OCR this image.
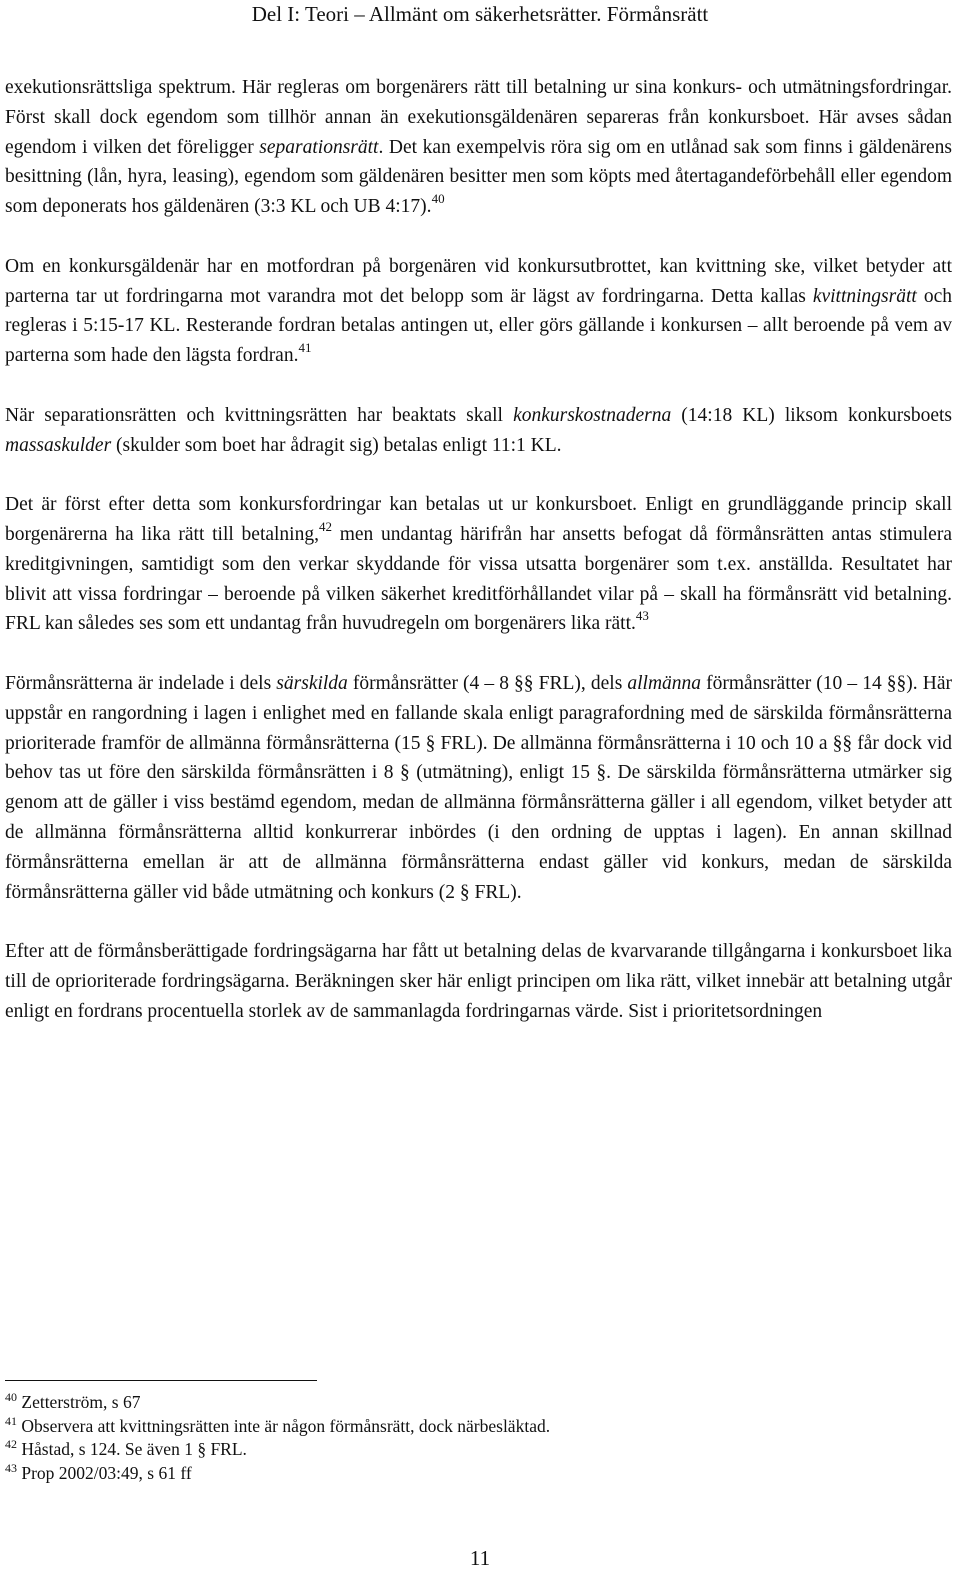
Del I: Teori – Allmänt om säkerhetsrätter. Förmånsrätt

exekutionsrättsliga spektrum. Här regleras om borgenärers rätt till betalning ur sina konkurs- och utmätningsfordringar. Först skall dock egendom som tillhör annan än exekutionsgäldenären separeras från konkursboet. Här avses sådan egendom i vilken det föreligger separationsrätt. Det kan exempelvis röra sig om en utlånad sak som finns i gäldenärens besittning (lån, hyra, leasing), egendom som gäldenären besitter men som köpts med återtagandeförbehåll eller egendom som deponerats hos gäldenären (3:3 KL och UB 4:17).$^{40}$

Om en konkursgäldenär har en motfordran på borgenären vid konkursutbrottet, kan kvittning ske, vilket betyder att parterna tar ut fordringarna mot varandra mot det belopp som är lägst av fordringarna. Detta kallas kvittningsrätt och regleras i 5:15-17 KL. Resterande fordran betalas antingen ut, eller görs gällande i konkursen – allt beroende på vem av parterna som hade den lägsta fordran.$^{41}$

När separationsrätten och kvittningsrätten har beaktats skall konkurskostnaderna (14:18 KL) liksom konkursboets massaskulder (skulder som boet har ådragit sig) betalas enligt 11:1 KL.

Det är först efter detta som konkursfordringar kan betalas ut ur konkursboet. Enligt en grundläggande princip skall borgenärerna ha lika rätt till betalning,$^{42}$ men undantag härifrån har ansetts befogat då förmånsrätten antas stimulera kreditgivningen, samtidigt som den verkar skyddande för vissa utsatta borgenärer som t.ex. anställda. Resultatet har blivit att vissa fordringar – beroende på vilken säkerhet kreditförhållandet vilar på – skall ha förmånsrätt vid betalning. FRL kan således ses som ett undantag från huvudregeln om borgenärers lika rätt.$^{43}$

Förmånsrätterna är indelade i dels särskilda förmånsrätter (4 – 8 §§ FRL), dels allmänna förmånsrätter (10 – 14 §§). Här uppstår en rangordning i lagen i enlighet med en fallande skala enligt paragrafordning med de särskilda förmånsrätterna prioriterade framför de allmänna förmånsrätterna (15 § FRL). De allmänna förmånsrätterna i 10 och 10 a §§ får dock vid behov tas ut före den särskilda förmånsrätten i 8 § (utmätning), enligt 15 §. De särskilda förmånsrätterna utmärker sig genom att de gäller i viss bestämd egendom, medan de allmänna förmånsrätterna gäller i all egendom, vilket betyder att de allmänna förmånsrätterna alltid konkurrerar inbördes (i den ordning de upptas i lagen). En annan skillnad förmånsrätterna emellan är att de allmänna förmånsrätterna endast gäller vid konkurs, medan de särskilda förmånsrätterna gäller vid både utmätning och konkurs (2 § FRL).

Efter att de förmånsberättigade fordringsägarna har fått ut betalning delas de kvarvarande tillgångarna i konkursboet lika till de oprioriterade fordringsägarna. Beräkningen sker här enligt principen om lika rätt, vilket innebär att betalning utgår enligt en fordrans procentuella storlek av de sammanlagda fordringarnas värde. Sist i prioritetsordningen

$^{40}$ Zetterström, s 67

$^{41}$ Observera att kvittningsrätten inte är någon förmånsrätt, dock närbesläktad.

$^{42}$ Håstad, s 124. Se även 1 § FRL.

$^{43}$ Prop 2002/03:49, s 61 ff

11
